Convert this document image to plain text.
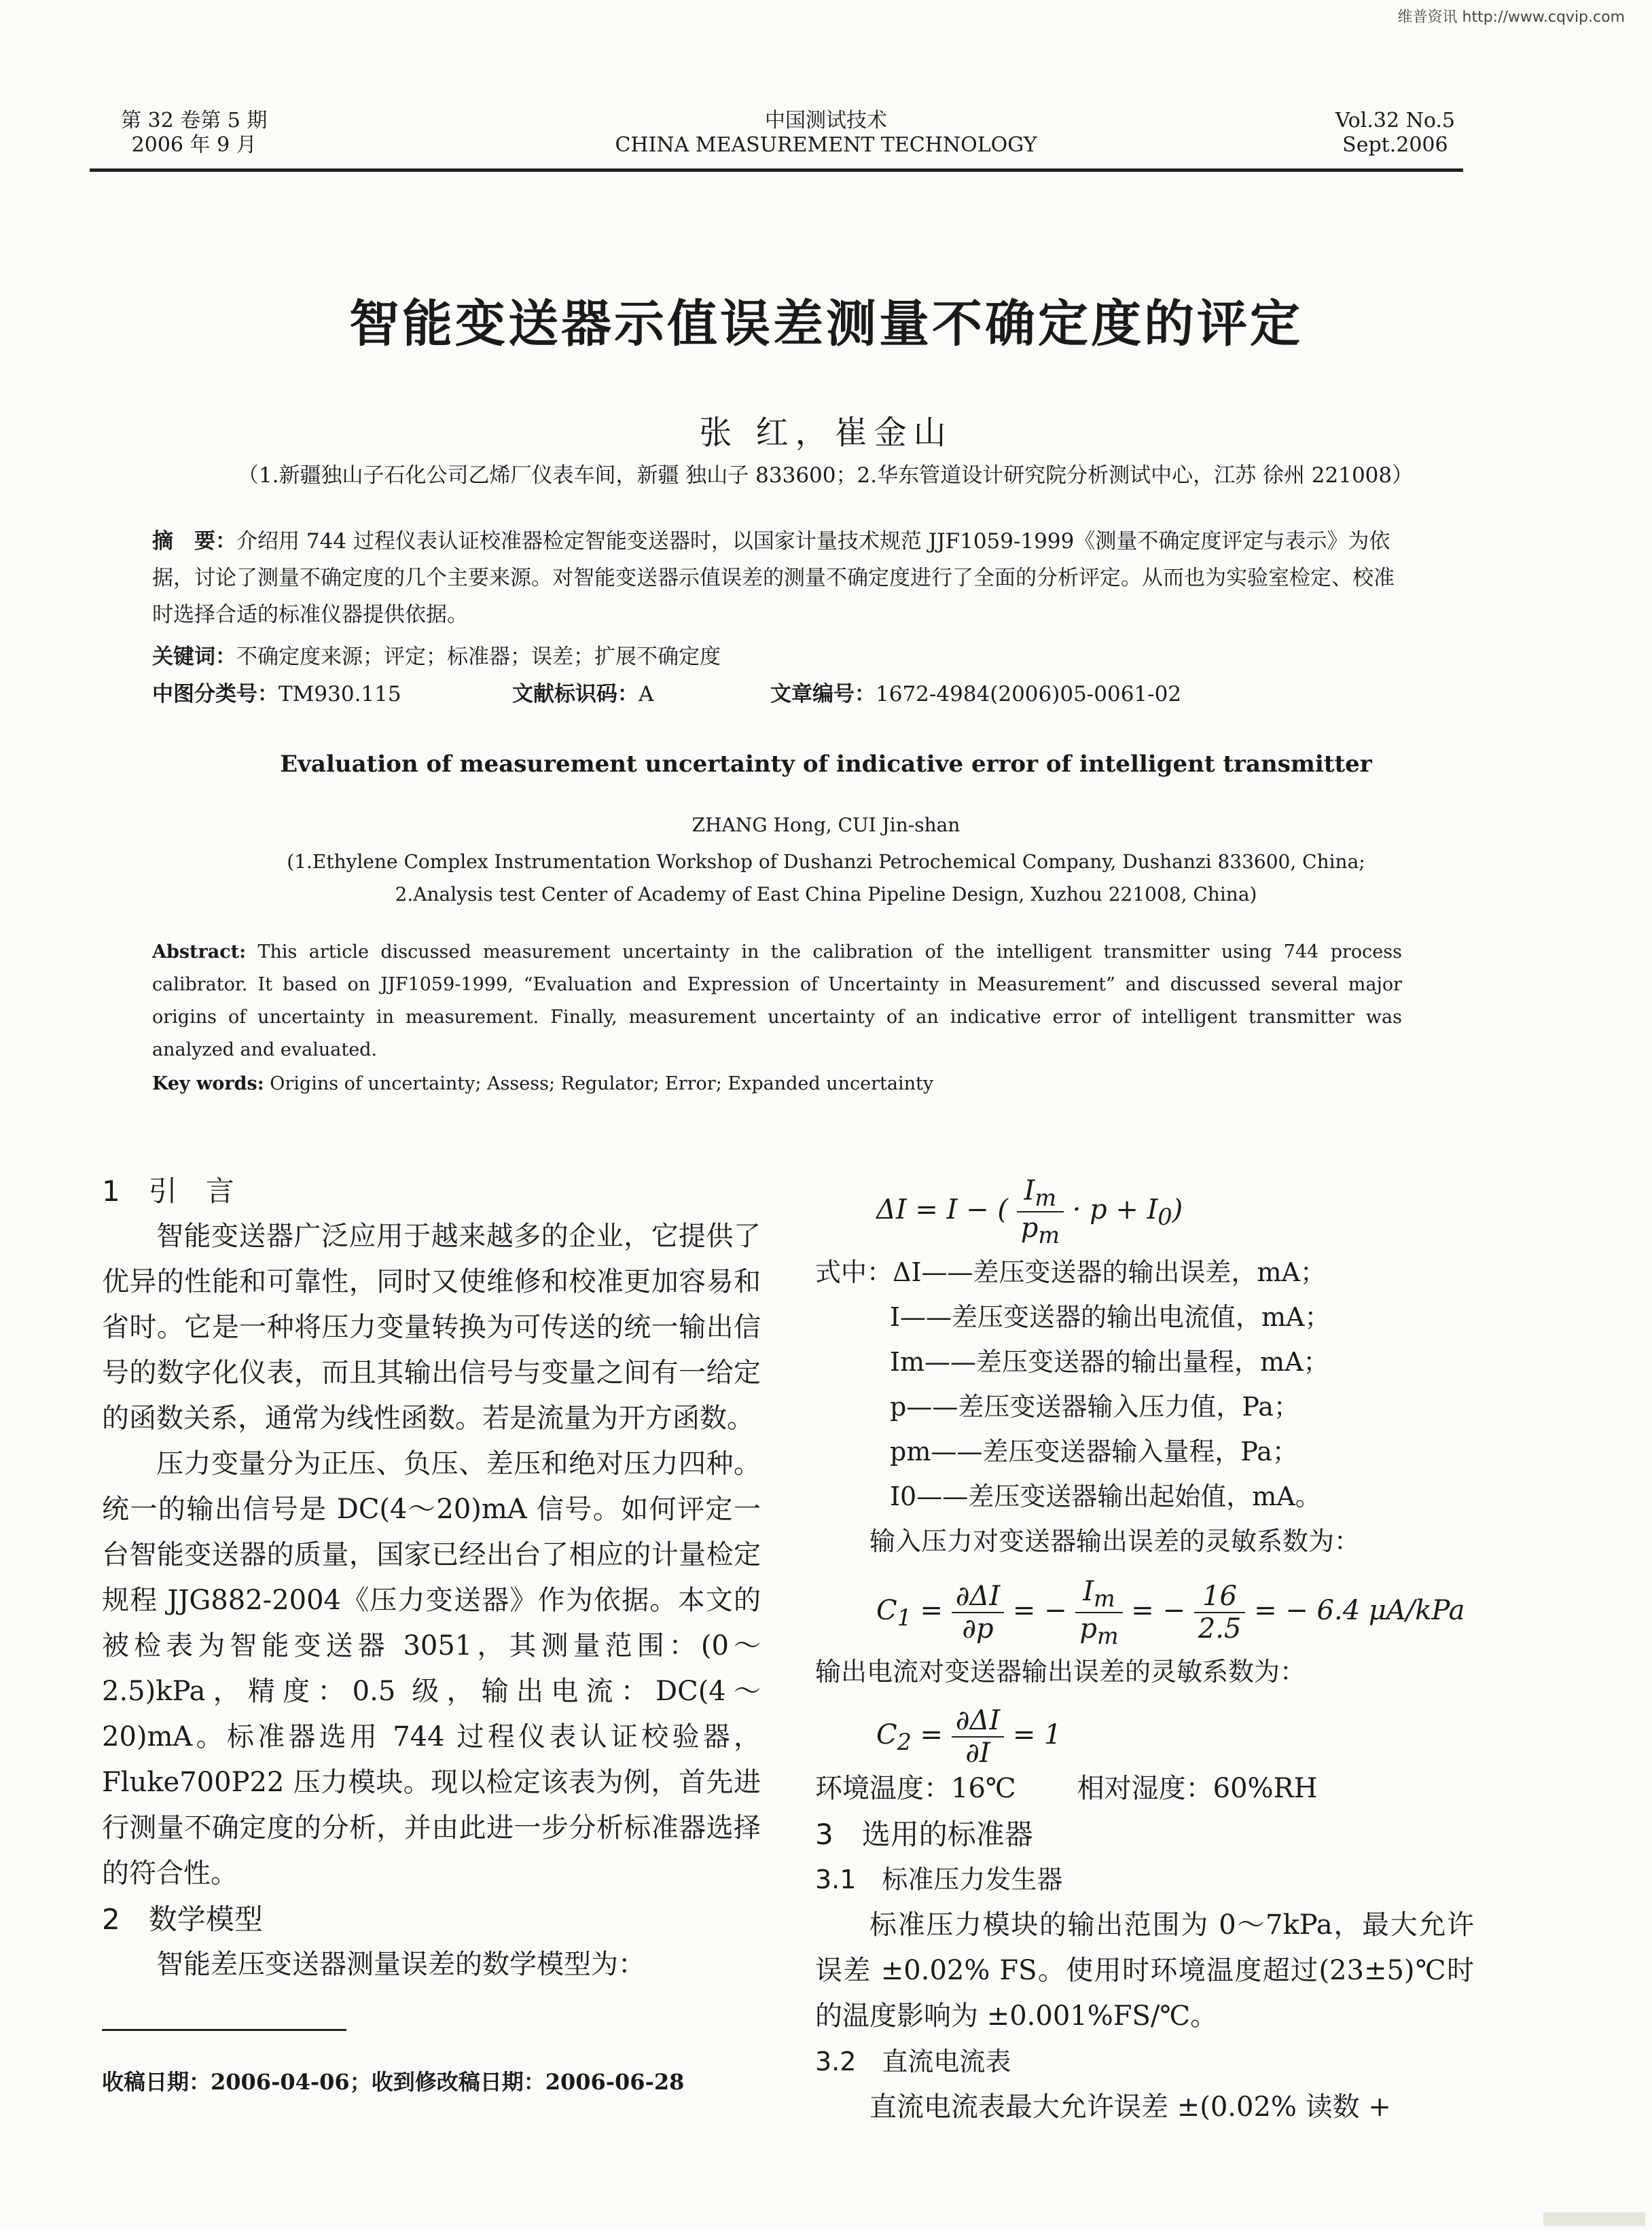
维普资讯 http://www.cqvip.com
第 32 卷第 5 期
2006 年 9 月
中国测试技术
CHINA MEASUREMENT TECHNOLOGY
Vol.32 No.5
Sept.2006
智能变送器示值误差测量不确定度的评定
张 红，崔金山
（1.新疆独山子石化公司乙烯厂仪表车间，新疆 独山子 833600；2.华东管道设计研究院分析测试中心，江苏 徐州 221008）
摘　要：介绍用 744 过程仪表认证校准器检定智能变送器时，以国家计量技术规范 JJF1059-1999《测量不确定度评定与表示》为依据，讨论了测量不确定度的几个主要来源。对智能变送器示值误差的测量不确定度进行了全面的分析评定。从而也为实验室检定、校准时选择合适的标准仪器提供依据。
关键词：不确定度来源；评定；标准器；误差；扩展不确定度
中图分类号：TM930.115	文献标识码：A	文章编号：1672-4984(2006)05-0061-02
Evaluation of measurement uncertainty of indicative error of intelligent transmitter
ZHANG Hong, CUI Jin-shan
(1.Ethylene Complex Instrumentation Workshop of Dushanzi Petrochemical Company, Dushanzi 833600, China;
2.Analysis test Center of Academy of East China Pipeline Design, Xuzhou 221008, China)
Abstract: This article discussed measurement uncertainty in the calibration of the intelligent transmitter using 744 process calibrator. It based on JJF1059-1999, “Evaluation and Expression of Uncertainty in Measurement” and discussed several major origins of uncertainty in measurement. Finally, measurement uncertainty of an indicative error of intelligent transmitter was analyzed and evaluated.
Key words: Origins of uncertainty; Assess; Regulator; Error; Expanded uncertainty
1　引　言
智能变送器广泛应用于越来越多的企业，它提供了优异的性能和可靠性，同时又使维修和校准更加容易和省时。它是一种将压力变量转换为可传送的统一输出信号的数字化仪表，而且其输出信号与变量之间有一给定的函数关系，通常为线性函数。若是流量为开方函数。
压力变量分为正压、负压、差压和绝对压力四种。统一的输出信号是 DC(4～20)mA 信号。如何评定一台智能变送器的质量，国家已经出台了相应的计量检定规程 JJG882-2004《压力变送器》作为依据。本文的被检表为智能变送器 3051，其测量范围：(0～2.5)kPa，精度：0.5 级，输出电流：DC(4～20)mA。标准器选用 744 过程仪表认证校验器，Fluke700P22 压力模块。现以检定该表为例，首先进行测量不确定度的分析，并由此进一步分析标准器选择的符合性。
2　数学模型
智能差压变送器测量误差的数学模型为：
ΔI = I − ( $\frac{I_m}{p_m} \cdot p + I_0$)
式中：ΔI——差压变送器的输出误差，mA；
I——差压变送器的输出电流值，mA；
Im——差压变送器的输出量程，mA；
p——差压变送器输入压力值，Pa；
pm——差压变送器输入量程，Pa；
I0——差压变送器输出起始值，mA。
输入压力对变送器输出误差的灵敏系数为：
$C_1 = \frac{\partial\Delta I}{\partial p}$ = − $\frac{I_m}{p_m}$ = − $\frac{16}{2.5}$ = − 6.4 μA/kPa
输出电流对变送器输出误差的灵敏系数为：
$C_2 = \frac{\partial\Delta I}{\partial I} = 1$
环境温度：16℃ 相对湿度：60%RH
3　选用的标准器
3.1　标准压力发生器
标准压力模块的输出范围为 0～7kPa，最大允许误差 ±0.02% FS。使用时环境温度超过(23±5)℃时的温度影响为 ±0.001%FS/℃。
3.2　直流电流表
直流电流表最大允许误差 ±(0.02% 读数 +
收稿日期：2006-04-06；收到修改稿日期：2006-06-28
